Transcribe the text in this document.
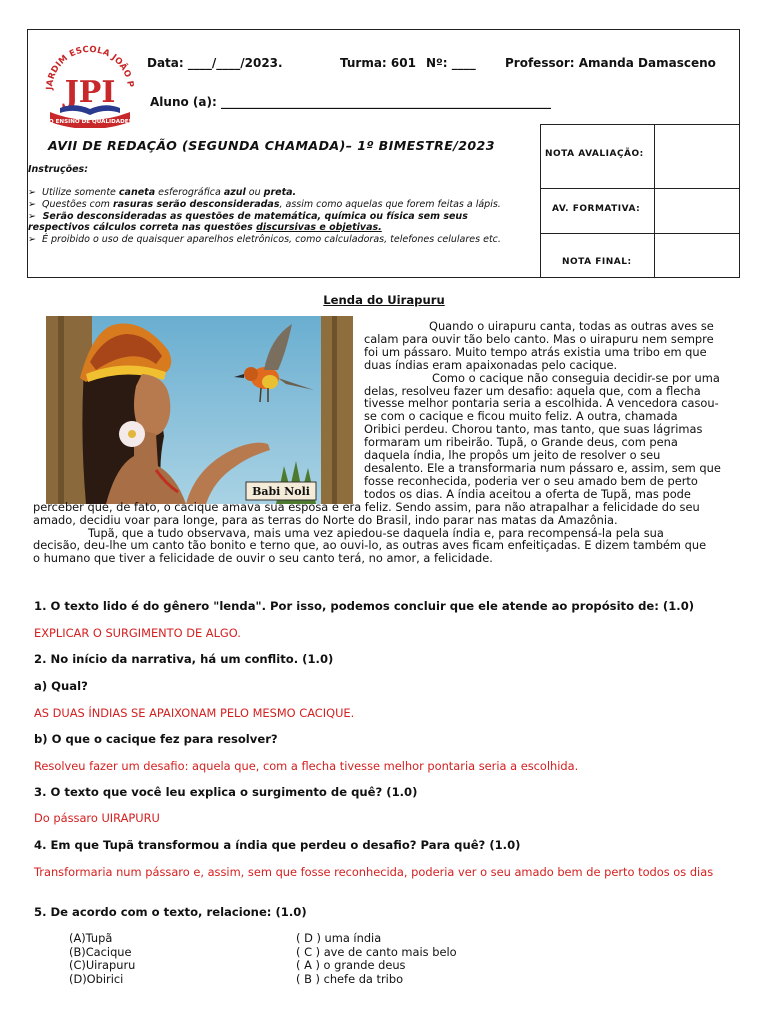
JARDIM ESCOLA JOÃO P
JPI
O ENSINO DE QUALIDADE!
Data: ____/____/2023.	Turma: 601 Nº: ____ Professor: Amanda Damasceno
Aluno (a): _______________________________________________________
AVII DE REDAÇÃO (SEGUNDA CHAMADA)– 1º BIMESTRE/2023
Instruções:
➢  Utilize somente caneta esferográfica azul ou preta.
➢  Questões com rasuras serão desconsideradas, assim como aquelas que forem feitas a lápis.
➢  Serão desconsideradas as questões de matemática, química ou física sem seus
respectivos cálculos correta nas questões discursivas e objetivas.
➢  É proibido o uso de quaisquer aparelhos eletrônicos, como calculadoras, telefones celulares etc.
NOTA AVALIAÇÃO:
AV. FORMATIVA:
NOTA FINAL:
Lenda do Uirapuru
Babi Noli
Quando o uirapuru canta, todas as outras aves se
calam para ouvir tão belo canto. Mas o uirapuru nem sempre
foi um pássaro. Muito tempo atrás existia uma tribo em que
duas índias eram apaixonadas pelo cacique.
Como o cacique não conseguia decidir-se por uma
delas, resolveu fazer um desafio: aquela que, com a flecha
tivesse melhor pontaria seria a escolhida. A vencedora casou-
se com o cacique e ficou muito feliz. A outra, chamada
Oribici perdeu. Chorou tanto, mas tanto, que suas lágrimas
formaram um ribeirão. Tupã, o Grande deus, com pena
daquela índia, lhe propôs um jeito de resolver o seu
desalento. Ele a transformaria num pássaro e, assim, sem que
fosse reconhecida, poderia ver o seu amado bem de perto
todos os dias. A índia aceitou a oferta de Tupã, mas pode
perceber que, de fato, o cacique amava sua esposa e era feliz. Sendo assim, para não atrapalhar a felicidade do seu
amado, decidiu voar para longe, para as terras do Norte do Brasil, indo parar nas matas da Amazônia.
Tupã, que a tudo observava, mais uma vez apiedou-se daquela índia e, para recompensá-la pela sua
decisão, deu-lhe um canto tão bonito e terno que, ao ouvi-lo, as outras aves ficam enfeitiçadas. E dizem também que
o humano que tiver a felicidade de ouvir o seu canto terá, no amor, a felicidade.
1. O texto lido é do gênero "lenda". Por isso, podemos concluir que ele atende ao propósito de: (1.0)
EXPLICAR O SURGIMENTO DE ALGO.
2. No início da narrativa, há um conflito. (1.0)
a) Qual?
AS DUAS ÍNDIAS SE APAIXONAM PELO MESMO CACIQUE.
b) O que o cacique fez para resolver?
Resolveu fazer um desafio: aquela que, com a flecha tivesse melhor pontaria seria a escolhida.
3. O texto que você leu explica o surgimento de quê? (1.0)
Do pássaro UIRAPURU
4. Em que Tupã transformou a índia que perdeu o desafio? Para quê? (1.0)
Transformaria num pássaro e, assim, sem que fosse reconhecida, poderia ver o seu amado bem de perto todos os dias
5. De acordo com o texto, relacione: (1.0)
(A)Tupã
(B)Cacique
(C)Uirapuru
(D)Obirici
( D ) uma índia
( C ) ave de canto mais belo
( A ) o grande deus
( B ) chefe da tribo
